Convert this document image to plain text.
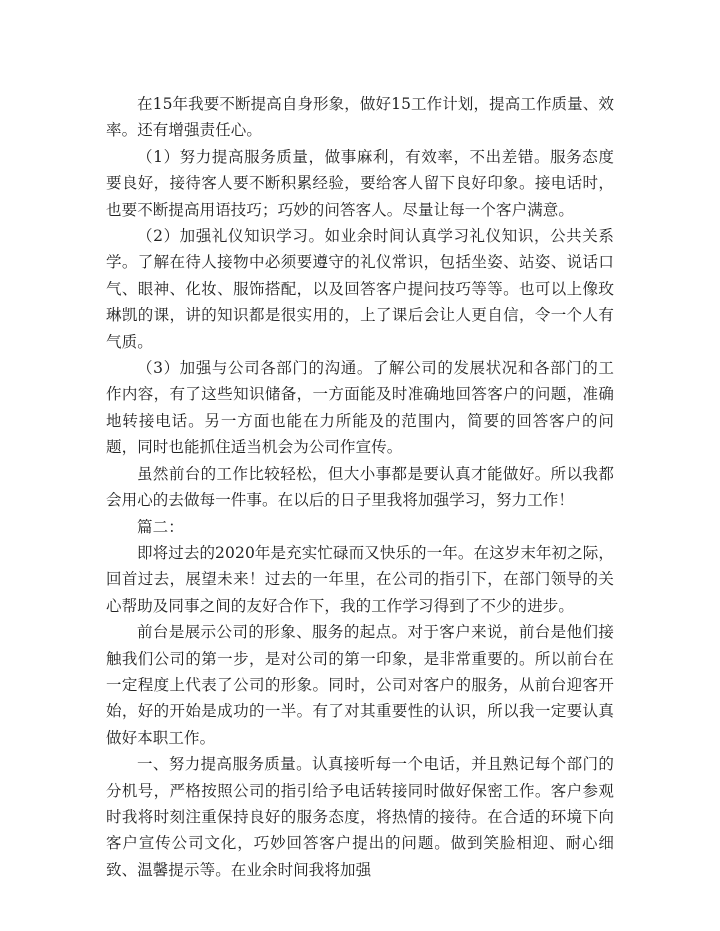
在15年我要不断提高自身形象，做好15工作计划，提高工作质量、效率。还有增强责任心。

（1）努力提高服务质量，做事麻利，有效率，不出差错。服务态度要良好，接待客人要不断积累经验，要给客人留下良好印象。接电话时，也要不断提高用语技巧；巧妙的问答客人。尽量让每一个客户满意。

（2）加强礼仪知识学习。如业余时间认真学习礼仪知识，公共关系学。了解在待人接物中必须要遵守的礼仪常识，包括坐姿、站姿、说话口气、眼神、化妆、服饰搭配，以及回答客户提问技巧等等。也可以上像玫琳凯的课，讲的知识都是很实用的，上了课后会让人更自信，令一个人有气质。

（3）加强与公司各部门的沟通。了解公司的发展状况和各部门的工作内容，有了这些知识储备，一方面能及时准确地回答客户的问题，准确地转接电话。另一方面也能在力所能及的范围内，简要的回答客户的问题，同时也能抓住适当机会为公司作宣传。

虽然前台的工作比较轻松，但大小事都是要认真才能做好。所以我都会用心的去做每一件事。在以后的日子里我将加强学习，努力工作！

篇二：

即将过去的2020年是充实忙碌而又快乐的一年。在这岁末年初之际，回首过去，展望未来！过去的一年里，在公司的指引下，在部门领导的关心帮助及同事之间的友好合作下，我的工作学习得到了不少的进步。

前台是展示公司的形象、服务的起点。对于客户来说，前台是他们接触我们公司的第一步，是对公司的第一印象，是非常重要的。所以前台在一定程度上代表了公司的形象。同时，公司对客户的服务，从前台迎客开始，好的开始是成功的一半。有了对其重要性的认识，所以我一定要认真做好本职工作。

一、努力提高服务质量。认真接听每一个电话，并且熟记每个部门的分机号，严格按照公司的指引给予电话转接同时做好保密工作。客户参观时我将时刻注重保持良好的服务态度，将热情的接待。在合适的环境下向客户宣传公司文化，巧妙回答客户提出的问题。做到笑脸相迎、耐心细致、温馨提示等。在业余时间我将加强
